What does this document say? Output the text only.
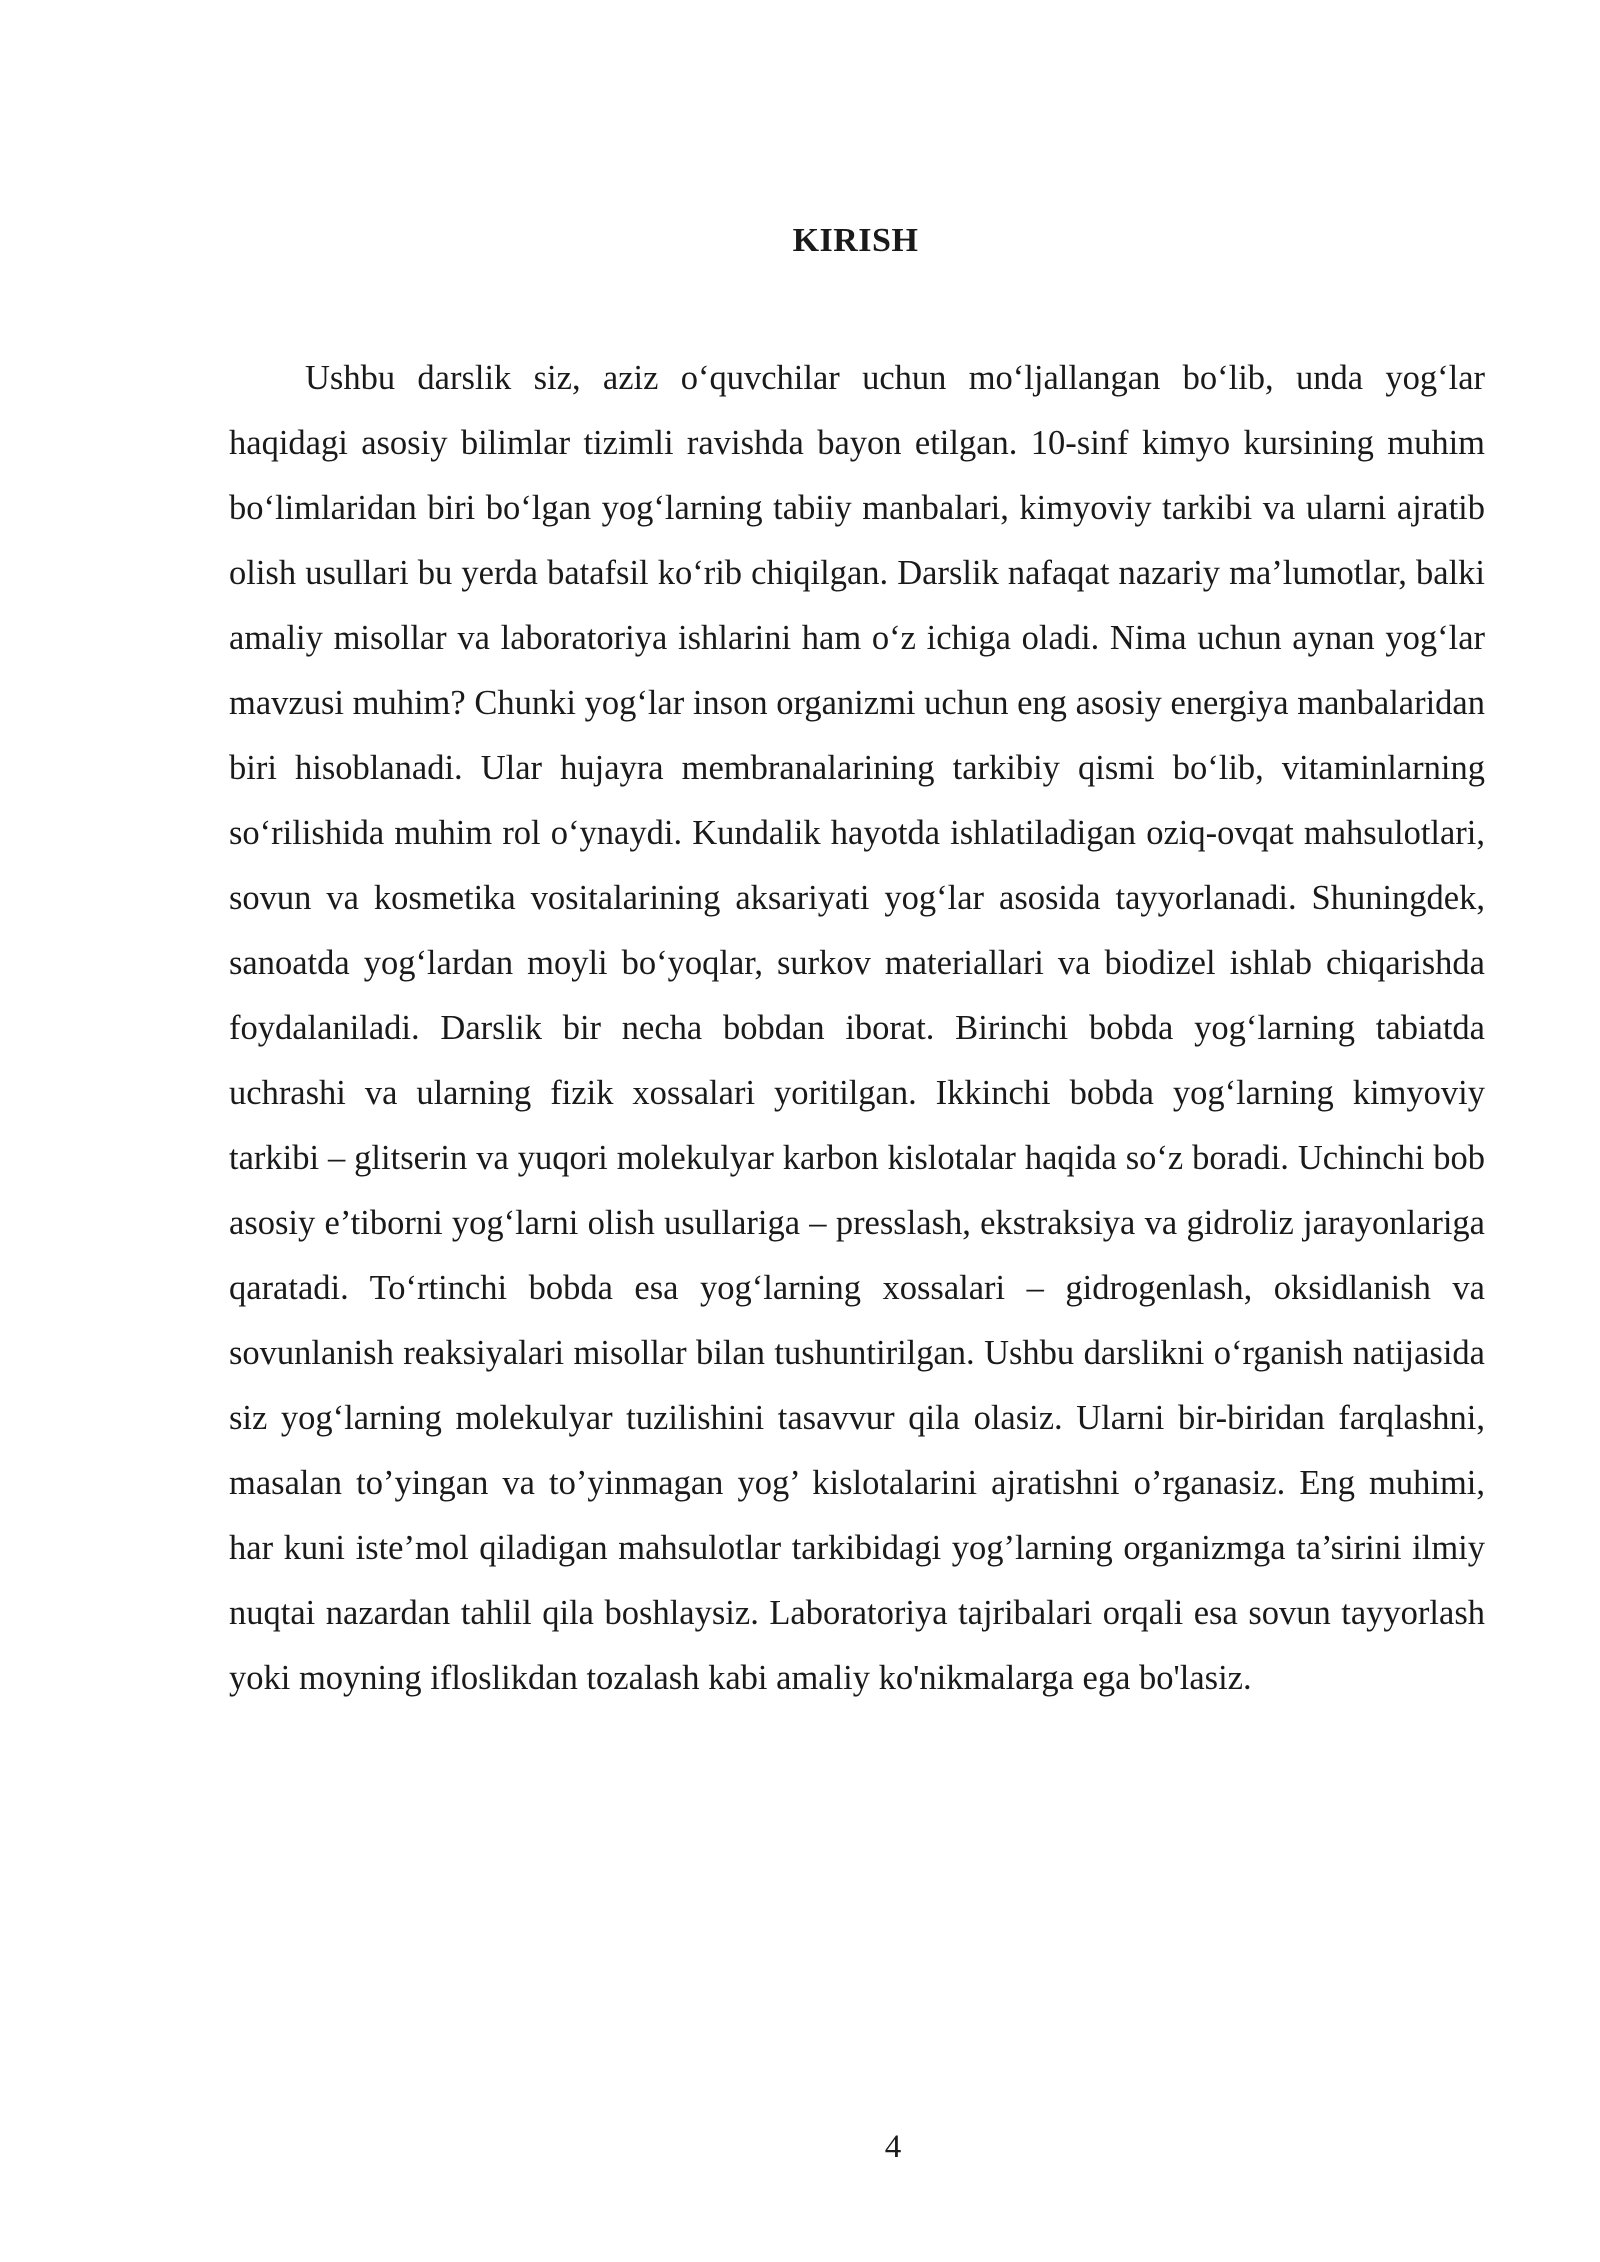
KIRISH

Ushbu darslik siz, aziz o‘quvchilar uchun mo‘ljallangan bo‘lib, unda yog‘lar haqidagi asosiy bilimlar tizimli ravishda bayon etilgan. 10-sinf kimyo kursining muhim bo‘limlaridan biri bo‘lgan yog‘larning tabiiy manbalari, kimyoviy tarkibi va ularni ajratib olish usullari bu yerda batafsil ko‘rib chiqilgan. Darslik nafaqat nazariy ma’lumotlar, balki amaliy misollar va laboratoriya ishlarini ham o‘z ichiga oladi. Nima uchun aynan yog‘lar mavzusi muhim? Chunki yog‘lar inson organizmi uchun eng asosiy energiya manbalaridan biri hisoblanadi. Ular hujayra membranalarining tarkibiy qismi bo‘lib, vitaminlarning so‘rilishida muhim rol o‘ynaydi. Kundalik hayotda ishlatiladigan oziq-ovqat mahsulotlari, sovun va kosmetika vositalarining aksariyati yog‘lar asosida tayyorlanadi. Shuningdek, sanoatda yog‘lardan moyli bo‘yoqlar, surkov materiallari va biodizel ishlab chiqarishda foydalaniladi. Darslik bir necha bobdan iborat. Birinchi bobda yog‘larning tabiatda uchrashi va ularning fizik xossalari yoritilgan. Ikkinchi bobda yog‘larning kimyoviy tarkibi – glitserin va yuqori molekulyar karbon kislotalar haqida so‘z boradi. Uchinchi bob asosiy e’tiborni yog‘larni olish usullariga – presslash, ekstraksiya va gidroliz jarayonlariga qaratadi. To‘rtinchi bobda esa yog‘larning xossalari – gidrogenlash, oksidlanish va sovunlanish reaksiyalari misollar bilan tushuntirilgan. Ushbu darslikni o‘rganish natijasida siz yog‘larning molekulyar tuzilishini tasavvur qila olasiz. Ularni bir-biridan farqlashni, masalan to’yingan va to’yinmagan yog’ kislotalarini ajratishni o’rganasiz. Eng muhimi, har kuni iste’mol qiladigan mahsulotlar tarkibidagi yog’larning organizmga ta’sirini ilmiy nuqtai nazardan tahlil qila boshlaysiz. Laboratoriya tajribalari orqali esa sovun tayyorlash yoki moyning ifloslikdan tozalash kabi amaliy ko'nikmalarga ega bo'lasiz.

4
